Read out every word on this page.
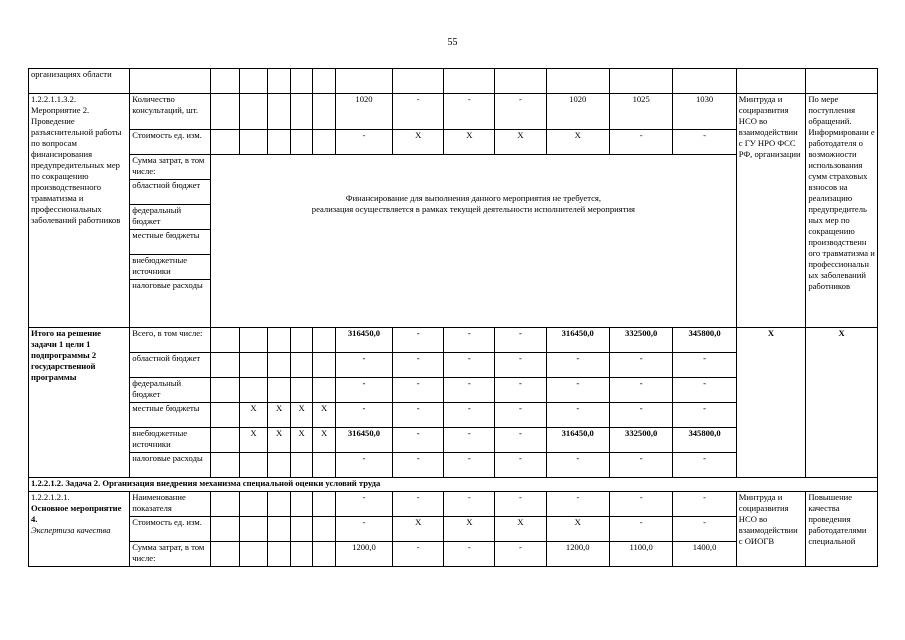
55
организациях области															
1.2.2.1.1.3.2. Мероприятие 2. Проведение разъяснительной работы по вопросам финансирования предупредительных мер по сокращению производственного травматизма и профессиональных заболеваний работников	Количество консультаций, шт.						1020	-	-	-	1020	1025	1030	Минтруда и социразвития НСО во взаимодействии с ГУ НРО ФСС РФ, организации	По мере поступления обращений. Информировани е работодателя о возможности использования сумм страховых взносов на реализацию предупредитель ных мер по сокращению производственн ого травматизма и профессиональн ых заболеваний работников
	Стоимость ед. изм.						-	Х	Х	Х	Х	-	-		
	Сумма затрат, в том числе:	Финансирование для выполнения данного мероприятия не требуется,
реализация осуществляется в рамках текущей деятельности исполнителей мероприятия													

	областной бюджет														
	федеральный бюджет														
	местные бюджеты														
	внебюджетные источники														
	налоговые расходы														
Итого на решение задачи 1 цели 1 подпрограммы 2 государственной программы	Всего, в том числе:						316450,0	-	-	-	316450,0	332500,0	345800,0	Х	Х
	областной бюджет						-	-	-	-	-	-	-		
	федеральный бюджет						-	-	-	-	-	-	-		
	местные бюджеты		Х	Х	Х	Х	-	-	-	-	-	-	-		
	внебюджетные источники		Х	Х	Х	Х	316450,0	-	-	-	316450,0	332500,0	345800,0		
	налоговые расходы						-	-	-	-	-	-	-		
1.2.2.1.2. Задача 2. Организация внедрения механизма специальной оценки условий труда															

1.2.2.1.2.1.
Основное мероприятие 4.
Экспертиза качества	Наименование показателя						-	-	-	-	-	-	-	Минтруда и социразвития НСО во взаимодействии с ОИОГВ	Повышение качества проведения работодателями специальной
	Стоимость ед. изм.						-	Х	Х	Х	Х	-	-		
	Сумма затрат, в том числе:						1200,0	-	-	-	1200,0	1100,0	1400,0		
